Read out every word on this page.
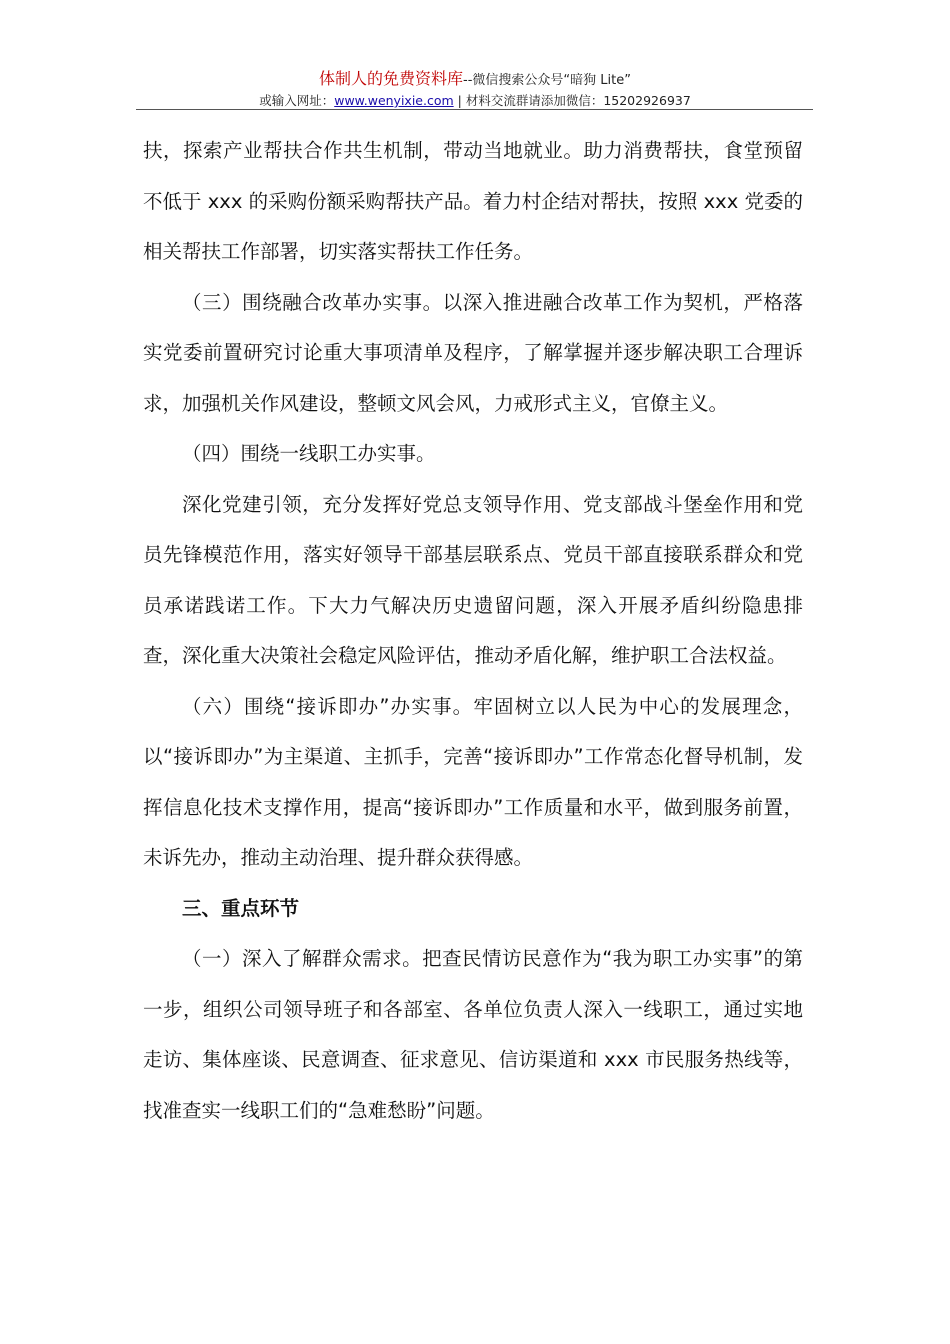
体制人的免费资料库--微信搜索公众号“暗狗 Lite”
或输入网址：www.wenyixie.com | 材料交流群请添加微信：15202926937

扶，探索产业帮扶合作共生机制，带动当地就业。助力消费帮扶，食堂预留不低于 xxx 的采购份额采购帮扶产品。着力村企结对帮扶，按照 xxx 党委的相关帮扶工作部署，切实落实帮扶工作任务。

（三）围绕融合改革办实事。以深入推进融合改革工作为契机，严格落实党委前置研究讨论重大事项清单及程序，了解掌握并逐步解决职工合理诉求，加强机关作风建设，整顿文风会风，力戒形式主义，官僚主义。

（四）围绕一线职工办实事。

深化党建引领，充分发挥好党总支领导作用、党支部战斗堡垒作用和党员先锋模范作用，落实好领导干部基层联系点、党员干部直接联系群众和党员承诺践诺工作。下大力气解决历史遗留问题，深入开展矛盾纠纷隐患排查，深化重大决策社会稳定风险评估，推动矛盾化解，维护职工合法权益。

（六）围绕“接诉即办”办实事。牢固树立以人民为中心的发展理念，以“接诉即办”为主渠道、主抓手，完善“接诉即办”工作常态化督导机制，发挥信息化技术支撑作用，提高“接诉即办”工作质量和水平，做到服务前置，未诉先办，推动主动治理、提升群众获得感。

三、重点环节

（一）深入了解群众需求。把查民情访民意作为“我为职工办实事”的第一步，组织公司领导班子和各部室、各单位负责人深入一线职工，通过实地走访、集体座谈、民意调查、征求意见、信访渠道和 xxx 市民服务热线等，找准查实一线职工们的“急难愁盼”问题。
